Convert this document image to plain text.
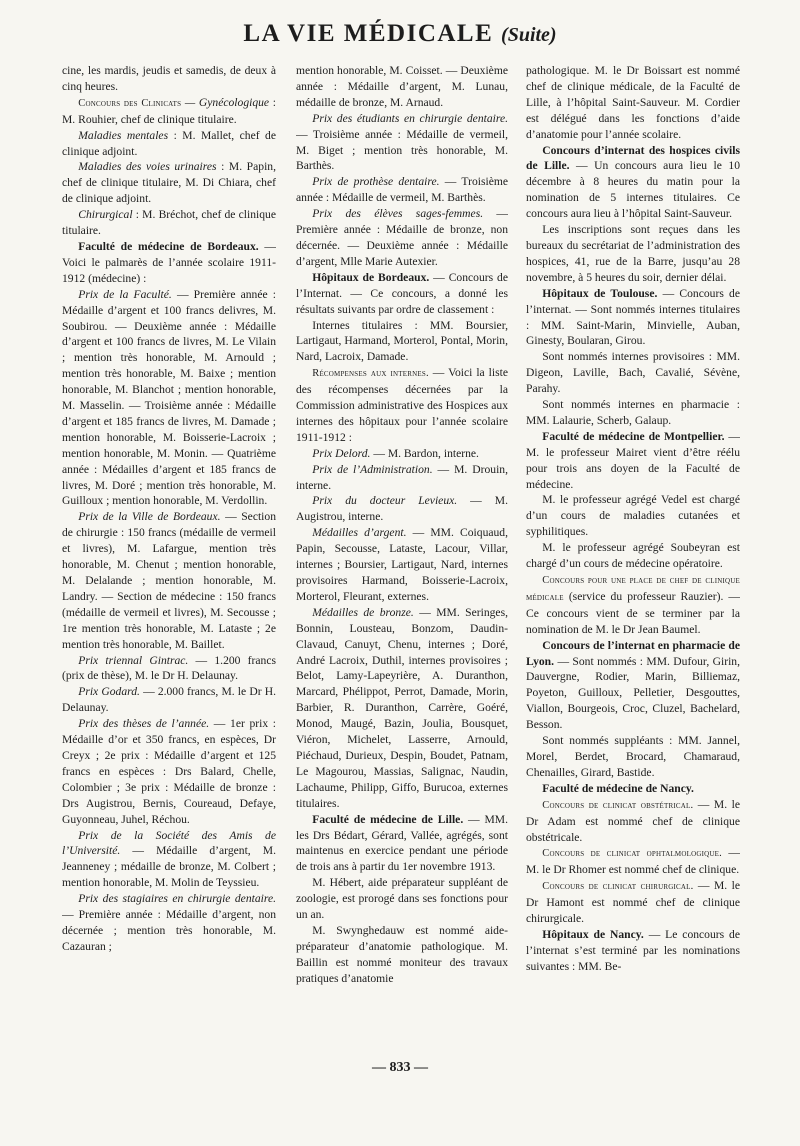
LA VIE MÉDICALE (Suite)

cine, les mardis, jeudis et samedis, de deux à cinq heures.

Concours des Clinicats — Gynécologique : M. Rouhier, chef de clinique titulaire.

Maladies mentales : M. Mallet, chef de clinique adjoint.

Maladies des voies urinaires : M. Papin, chef de clinique titulaire, M. Di Chiara, chef de clinique adjoint.

Chirurgical : M. Bréchot, chef de clinique titulaire.

Faculté de médecine de Bordeaux. — Voici le palmarès de l’année scolaire 1911-1912 (médecine) :

Prix de la Faculté. — Première année : Médaille d’argent et 100 francs delivres, M. Soubirou. — Deuxième année : Médaille d’argent et 100 francs de livres, M. Le Vilain ; mention très honorable, M. Arnould ; mention très honorable, M. Baixe ; mention honorable, M. Blanchot ; mention honorable, M. Masselin. — Troisième année : Médaille d’argent et 185 francs de livres, M. Damade ; mention honorable, M. Boisserie-Lacroix ; mention honorable, M. Monin. — Quatrième année : Médailles d’argent et 185 francs de livres, M. Doré ; mention très honorable, M. Guilloux ; mention honorable, M. Verdollin.

Prix de la Ville de Bordeaux. — Section de chirurgie : 150 francs (médaille de vermeil et livres), M. Lafargue, mention très honorable, M. Chenut ; mention honorable, M. Delalande ; mention honorable, M. Landry. — Section de médecine : 150 francs (médaille de vermeil et livres), M. Secousse ; 1re mention très honorable, M. Lataste ; 2e mention très honorable, M. Baillet.

Prix triennal Gintrac. — 1.200 francs (prix de thèse), M. le Dr H. Delaunay.

Prix Godard. — 2.000 francs, M. le Dr H. Delaunay.

Prix des thèses de l’année. — 1er prix : Médaille d’or et 350 francs, en espèces, Dr Creyx ; 2e prix : Médaille d’argent et 125 francs en espèces : Drs Balard, Chelle, Colombier ; 3e prix : Médaille de bronze : Drs Augistrou, Bernis, Coureaud, Defaye, Guyonneau, Juhel, Réchou.

Prix de la Société des Amis de l’Université. — Médaille d’argent, M. Jeanneney ; médaille de bronze, M. Colbert ; mention honorable, M. Molin de Teyssieu.

Prix des stagiaires en chirurgie dentaire. — Première année : Médaille d’argent, non décernée ; mention très honorable, M. Cazauran ;

mention honorable, M. Coisset. — Deuxième année : Médaille d’argent, M. Lunau, médaille de bronze, M. Arnaud.

Prix des étudiants en chirurgie dentaire. — Troisième année : Médaille de vermeil, M. Biget ; mention très honorable, M. Barthès.

Prix de prothèse dentaire. — Troisième année : Médaille de vermeil, M. Barthès.

Prix des élèves sages-femmes. — Première année : Médaille de bronze, non décernée. — Deuxième année : Médaille d’argent, Mlle Marie Autexier.

Hôpitaux de Bordeaux. — Concours de l’Internat. — Ce concours, a donné les résultats suivants par ordre de classement :

Internes titulaires : MM. Boursier, Lartigaut, Harmand, Morterol, Pontal, Morin, Nard, Lacroix, Damade.

Récompenses aux internes. — Voici la liste des récompenses décernées par la Commission administrative des Hospices aux internes des hôpitaux pour l’année scolaire 1911-1912 :

Prix Delord. — M. Bardon, interne.

Prix de l’Administration. — M. Drouin, interne.

Prix du docteur Levieux. — M. Augistrou, interne.

Médailles d’argent. — MM. Coiquaud, Papin, Secousse, Lataste, Lacour, Villar, internes ; Boursier, Lartigaut, Nard, internes provisoires Harmand, Boisserie-Lacroix, Morterol, Fleurant, externes.

Médailles de bronze. — MM. Seringes, Bonnin, Lousteau, Bonzom, Daudin-Clavaud, Canuyt, Chenu, internes ; Doré, André Lacroix, Duthil, internes provisoires ; Belot, Lamy-Lapeyrière, A. Duranthon, Marcard, Phélippot, Perrot, Damade, Morin, Barbier, R. Duranthon, Carrère, Goéré, Monod, Maugé, Bazin, Joulia, Bousquet, Viéron, Michelet, Lasserre, Arnould, Piéchaud, Durieux, Despin, Boudet, Patnam, Le Magourou, Massias, Salignac, Naudin, Lachaume, Philipp, Giffo, Burucoa, externes titulaires.

Faculté de médecine de Lille. — MM. les Drs Bédart, Gérard, Vallée, agrégés, sont maintenus en exercice pendant une période de trois ans à partir du 1er novembre 1913.

M. Hébert, aide préparateur suppléant de zoologie, est prorogé dans ses fonctions pour un an.

M. Swynghedauw est nommé aide-préparateur d’anatomie pathologique. M. Baillin est nommé moniteur des travaux pratiques d’anatomie

pathologique. M. le Dr Boissart est nommé chef de clinique médicale, de la Faculté de Lille, à l’hôpital Saint-Sauveur. M. Cordier est délégué dans les fonctions d’aide d’anatomie pour l’année scolaire.

Concours d’internat des hospices civils de Lille. — Un concours aura lieu le 10 décembre à 8 heures du matin pour la nomination de 5 internes titulaires. Ce concours aura lieu à l’hôpital Saint-Sauveur.

Les inscriptions sont reçues dans les bureaux du secrétariat de l’administration des hospices, 41, rue de la Barre, jusqu’au 28 novembre, à 5 heures du soir, dernier délai.

Hôpitaux de Toulouse. — Concours de l’internat. — Sont nommés internes titulaires : MM. Saint-Marin, Minvielle, Auban, Ginesty, Boularan, Girou.

Sont nommés internes provisoires : MM. Digeon, Laville, Bach, Cavalié, Sévène, Parahy.

Sont nommés internes en pharmacie : MM. Lalaurie, Scherb, Galaup.

Faculté de médecine de Montpellier. — M. le professeur Mairet vient d’être réélu pour trois ans doyen de la Faculté de médecine.

M. le professeur agrégé Vedel est chargé d’un cours de maladies cutanées et syphilitiques.

M. le professeur agrégé Soubeyran est chargé d’un cours de médecine opératoire.

Concours pour une place de chef de clinique médicale (service du professeur Rauzier). — Ce concours vient de se terminer par la nomination de M. le Dr Jean Baumel.

Concours de l’internat en pharmacie de Lyon. — Sont nommés : MM. Dufour, Girin, Dauvergne, Rodier, Marin, Billiemaz, Poyeton, Guilloux, Pelletier, Desgouttes, Viallon, Bourgeois, Croc, Cluzel, Bachelard, Besson.

Sont nommés suppléants : MM. Jannel, Morel, Berdet, Brocard, Chamaraud, Chenailles, Girard, Bastide.

Faculté de médecine de Nancy.

Concours de clinicat obstétrical. — M. le Dr Adam est nommé chef de clinique obstétricale.

Concours de clinicat ophtalmologique. — M. le Dr Rhomer est nommé chef de clinique.

Concours de clinicat chirurgical. — M. le Dr Hamont est nommé chef de clinique chirurgicale.

Hôpitaux de Nancy. — Le concours de l’internat s’est terminé par les nominations suivantes : MM. Be-

— 833 —
